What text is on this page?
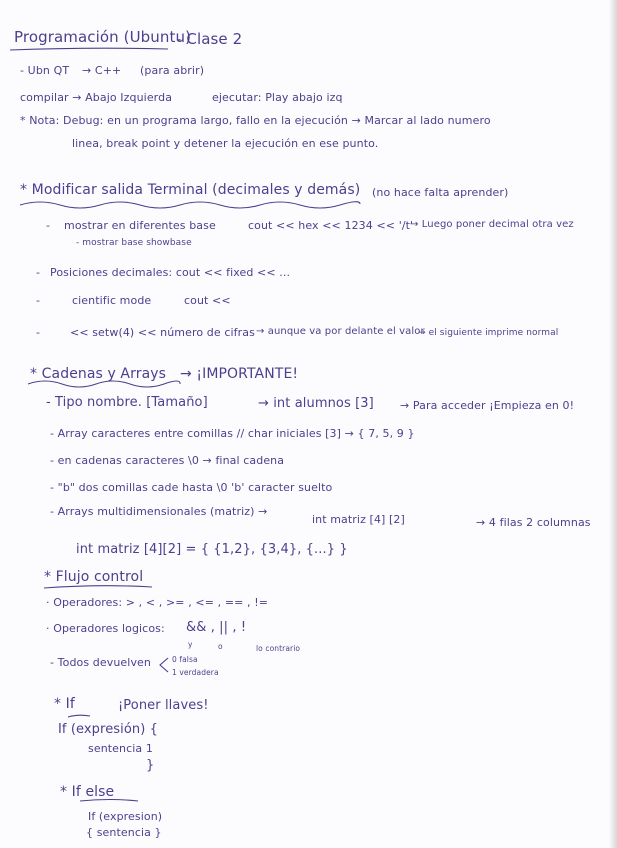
Programación (Ubuntu)
- Clase 2
- Ubn QT → C++ (para abrir)
compilar → Abajo Izquierda	ejecutar: Play abajo izq
* Nota: Debug: en un programa largo, fallo en la ejecución → Marcar al lado numero
linea, break point y detener la ejecución en ese punto.
* Modificar salida Terminal (decimales y demás) (no hace falta aprender)
- mostrar en diferentes base	cout << hex << 1234 << '/t'
→ Luego poner decimal otra vez
- mostrar base showbase
- Posiciones decimales: cout << fixed << ...
-	cientific mode	cout <<
-	<< setw(4) << número de cifras → aunque va por delante el valor
→ el siguiente imprime normal
* Cadenas y Arrays → ¡IMPORTANTE!
- Tipo nombre. [Tamaño]	→ int alumnos [3] → Para acceder ¡Empieza en 0!
- Array caracteres entre comillas // char iniciales [3] → { 7, 5, 9 }
- en cadenas caracteres \0 → final cadena
- "b" dos comillas cade hasta \0 'b' caracter suelto
- Arrays multidimensionales (matriz) →
int matriz [4] [2]	→ 4 filas 2 columnas
int matriz [4][2] = { {1,2}, {3,4}, {...} }
* Flujo control
· Operadores: > , < , >= , <= , == , !=
· Operadores logicos: && , || , !
y	o	lo contrario
- Todos devuelven	0 falsa
1 verdadera
* If	¡Poner llaves!
If (expresión) {
sentencia 1
}
* If else
If (expresion)
{ sentencia }
